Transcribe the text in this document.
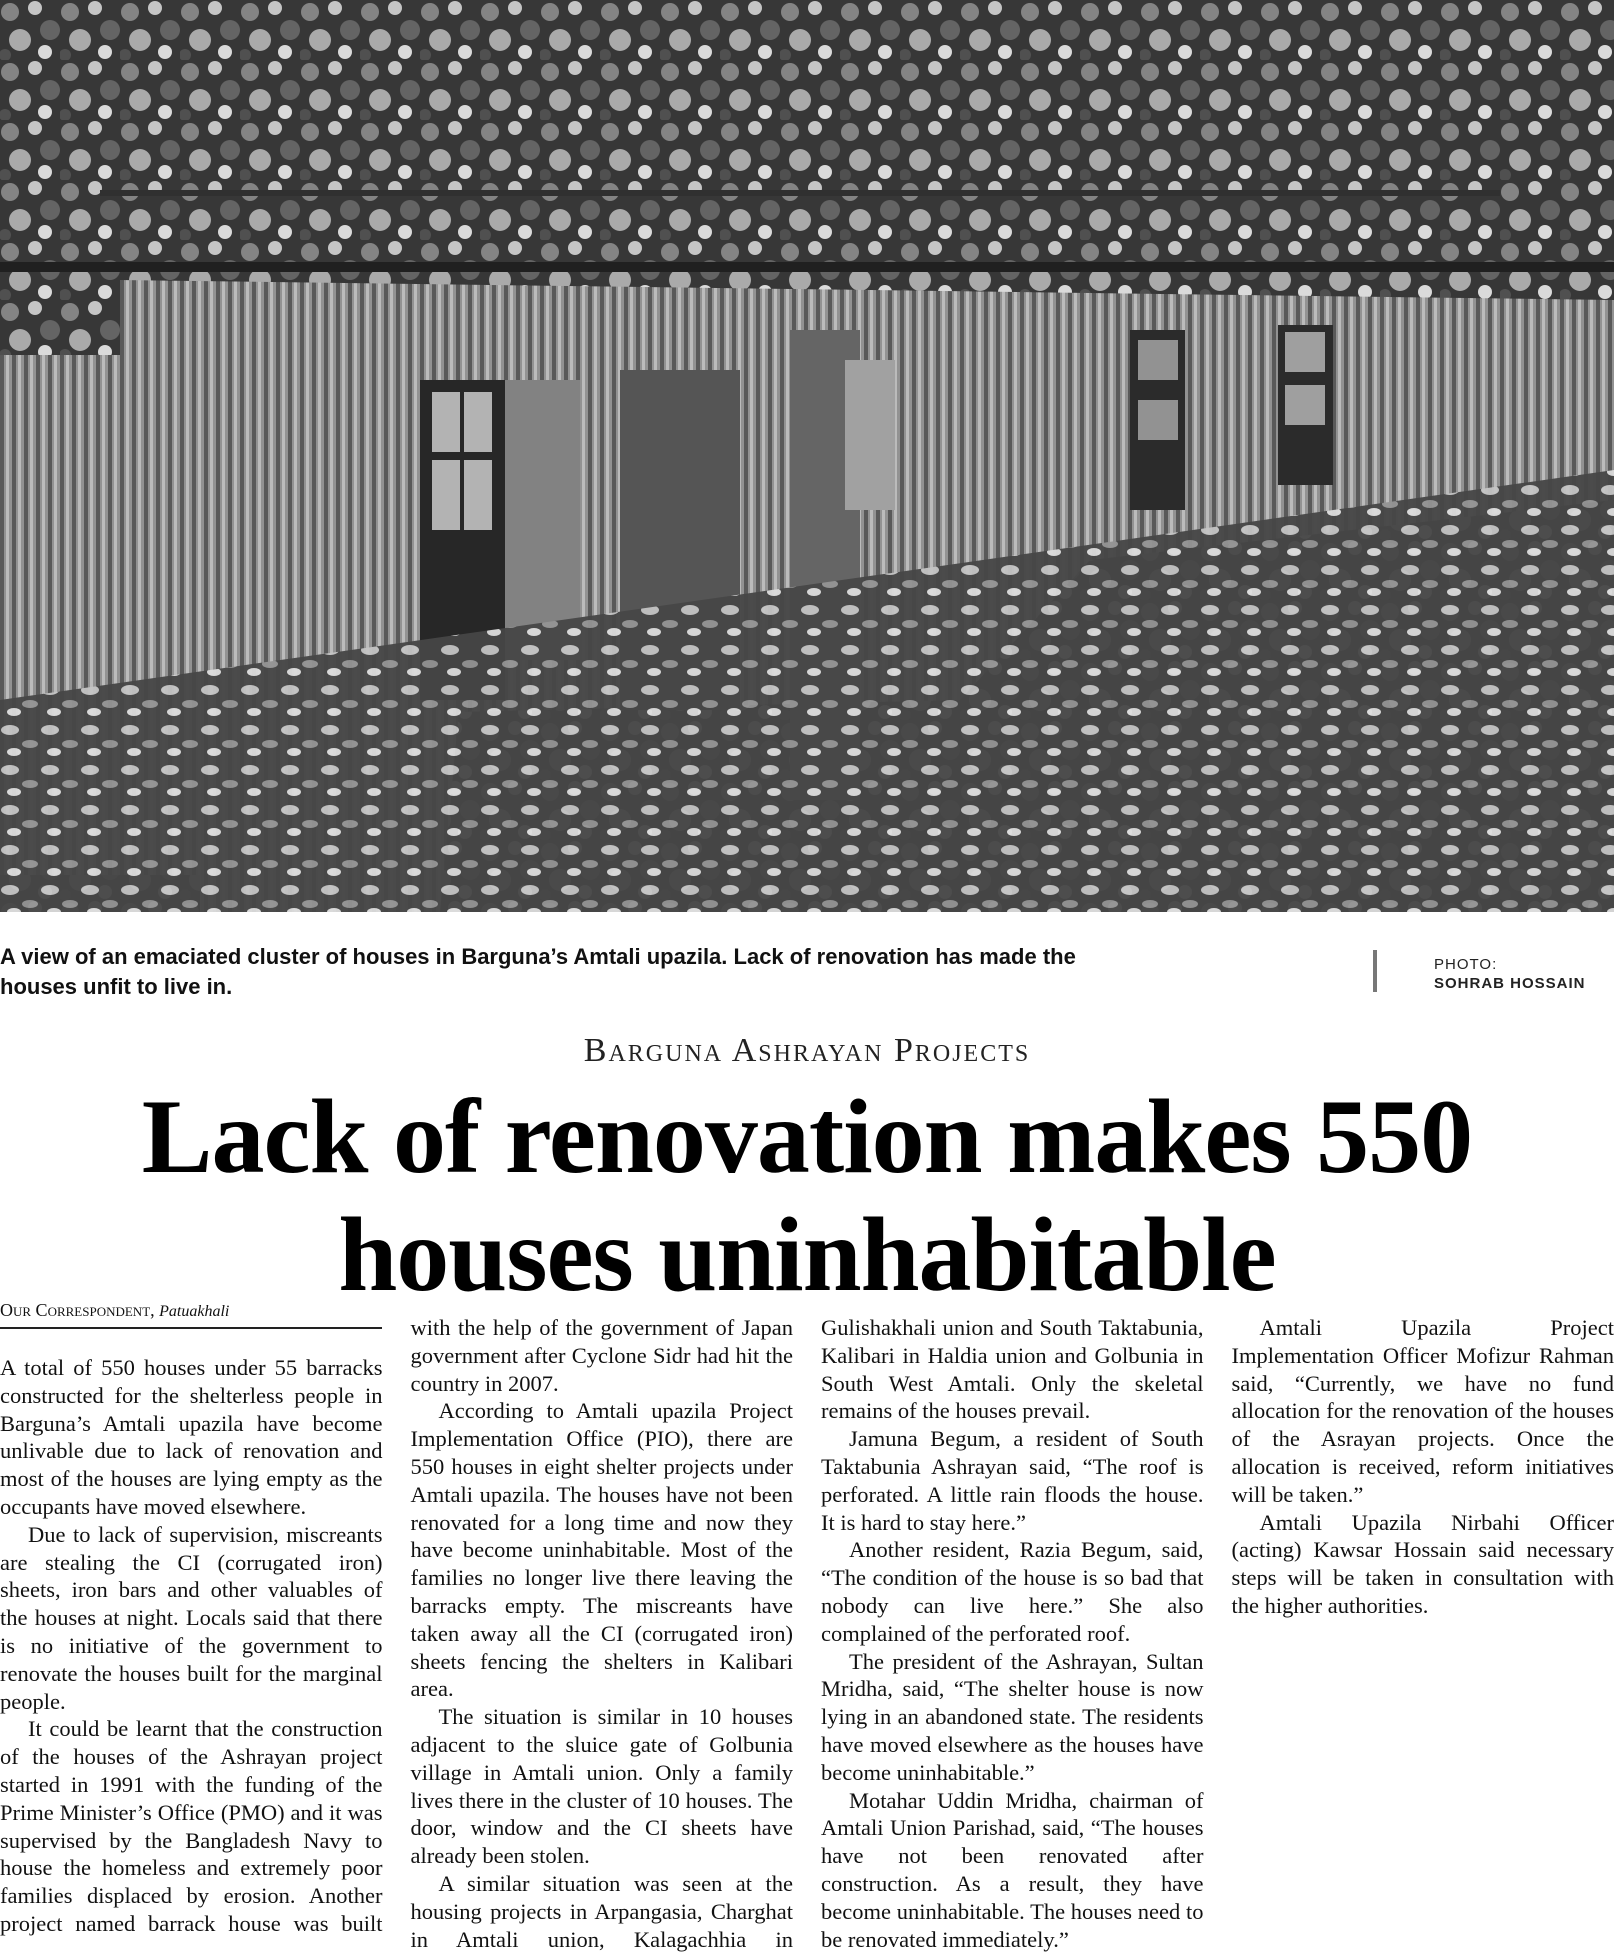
A view of an emaciated cluster of houses in Barguna’s Amtali upazila. Lack of renovation has made the houses unfit to live in.
PHOTO:
SOHRAB HOSSAIN
Barguna Ashrayan Projects
Lack of renovation makes 550 houses uninhabitable
Our Correspondent, Patuakhali

A total of 550 houses under 55 barracks constructed for the shelterless people in Barguna’s Amtali upazila have become unlivable due to lack of renovation and most of the houses are lying empty as the occupants have moved elsewhere.

Due to lack of supervision, miscreants are stealing the CI (corrugated iron) sheets, iron bars and other valuables of the houses at night. Locals said that there is no initiative of the government to renovate the houses built for the marginal people.

It could be learnt that the construction of the houses of the Ashrayan project started in 1991 with the funding of the Prime Minister’s Office (PMO) and it was supervised by the Bangladesh Navy to house the homeless and extremely poor families displaced by erosion. Another project named barrack house was built with the help of the government of Japan government after Cyclone Sidr had hit the country in 2007.

According to Amtali upazila Project Implementation Office (PIO), there are 550 houses in eight shelter projects under Amtali upazila. The houses have not been renovated for a long time and now they have become uninhabitable. Most of the families no longer live there leaving the barracks empty. The miscreants have taken away all the CI (corrugated iron) sheets fencing the shelters in Kalibari area.

The situation is similar in 10 houses adjacent to the sluice gate of Golbunia village in Amtali union. Only a family lives there in the cluster of 10 houses. The door, window and the CI sheets have already been stolen.

A similar situation was seen at the housing projects in Arpangasia, Charghat in Amtali union, Kalagachhia in Gulishakhali union and South Taktabunia, Kalibari in Haldia union and Golbunia in South West Amtali. Only the skeletal remains of the houses prevail.

Jamuna Begum, a resident of South Taktabunia Ashrayan said, “The roof is perforated. A little rain floods the house. It is hard to stay here.”

Another resident, Razia Begum, said, “The condition of the house is so bad that nobody can live here.” She also complained of the perforated roof.

The president of the Ashrayan, Sultan Mridha, said, “The shelter house is now lying in an abandoned state. The residents have moved elsewhere as the houses have become uninhabitable.”

Motahar Uddin Mridha, chairman of Amtali Union Parishad, said, “The houses have not been renovated after construction. As a result, they have become uninhabitable. The houses need to be renovated immediately.”

Amtali Upazila Project Implementation Officer Mofizur Rahman said, “Currently, we have no fund allocation for the renovation of the houses of the Asrayan projects. Once the allocation is received, reform initiatives will be taken.”

Amtali Upazila Nirbahi Officer (acting) Kawsar Hossain said necessary steps will be taken in consultation with the higher authorities.
